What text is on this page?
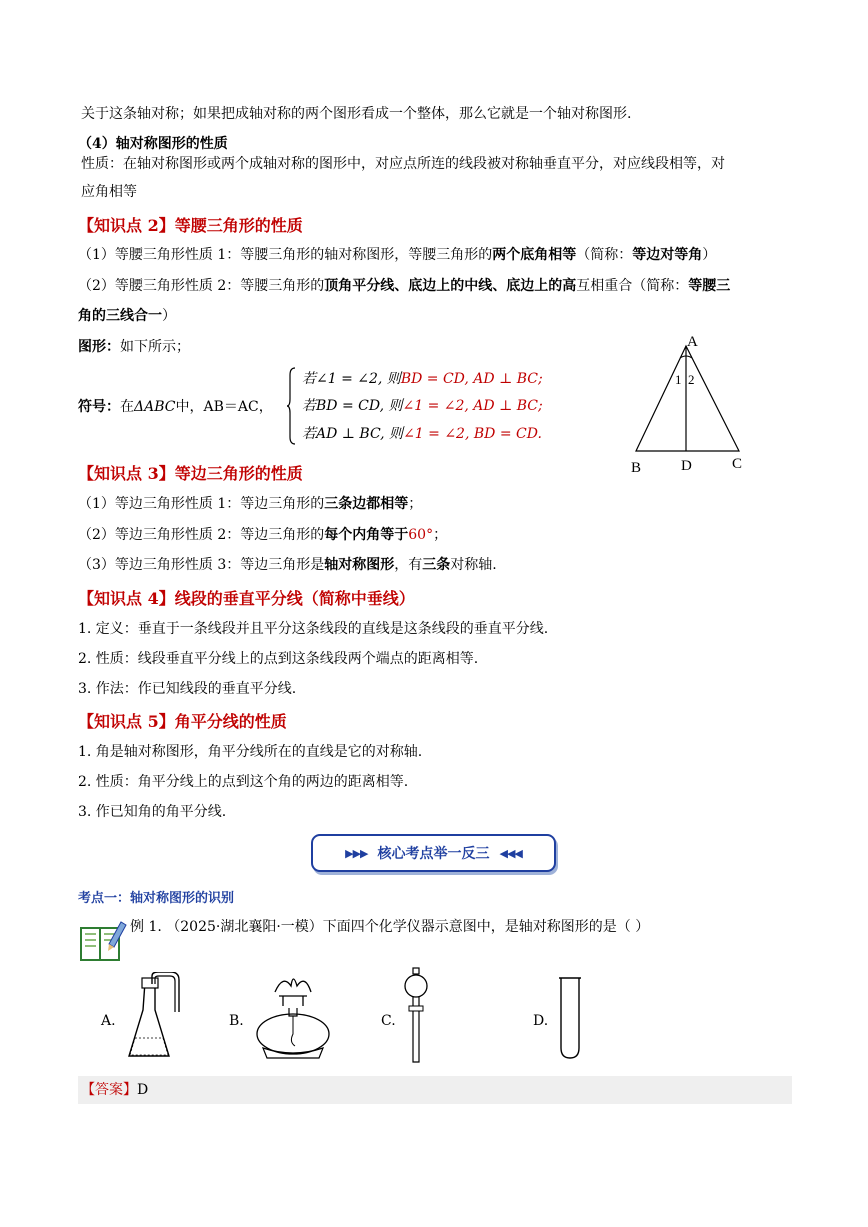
关于这条轴对称；如果把成轴对称的两个图形看成一个整体，那么它就是一个轴对称图形.
（4）轴对称图形的性质
性质：在轴对称图形或两个成轴对称的图形中，对应点所连的线段被对称轴垂直平分，对应线段相等，对
应角相等
【知识点 2】等腰三角形的性质
（1）等腰三角形性质 1：等腰三角形的轴对称图形，等腰三角形的两个底角相等（简称：等边对等角）
（2）等腰三角形性质 2：等腰三角形的顶角平分线、底边上的中线、底边上的高互相重合（简称：等腰三
角的三线合一）
图形：如下所示；
符号：在ΔABC中，AB＝AC，
若∠1 = ∠2, 则BD = CD, AD ⊥ BC;
若BD = CD, 则∠1 = ∠2, AD ⊥ BC;
若AD ⊥ BC, 则∠1 = ∠2, BD = CD.
A
1 2
B	D	C
【知识点 3】等边三角形的性质
（1）等边三角形性质 1：等边三角形的三条边都相等；
（2）等边三角形性质 2：等边三角形的每个内角等于60°；
（3）等边三角形性质 3：等边三角形是轴对称图形，有三条对称轴.
【知识点 4】线段的垂直平分线（简称中垂线）
1. 定义：垂直于一条线段并且平分这条线段的直线是这条线段的垂直平分线.
2. 性质：线段垂直平分线上的点到这条线段两个端点的距离相等.
3. 作法：作已知线段的垂直平分线.
【知识点 5】角平分线的性质
1. 角是轴对称图形，角平分线所在的直线是它的对称轴.
2. 性质：角平分线上的点到这个角的两边的距离相等.
3. 作已知角的角平分线.
▶▶▶ 核心考点举一反三 ◀◀◀
考点一：轴对称图形的识别
例 1. （2025·湖北襄阳·一模）下面四个化学仪器示意图中，是轴对称图形的是（ ）
A.	B.	C.	D.
【答案】D
